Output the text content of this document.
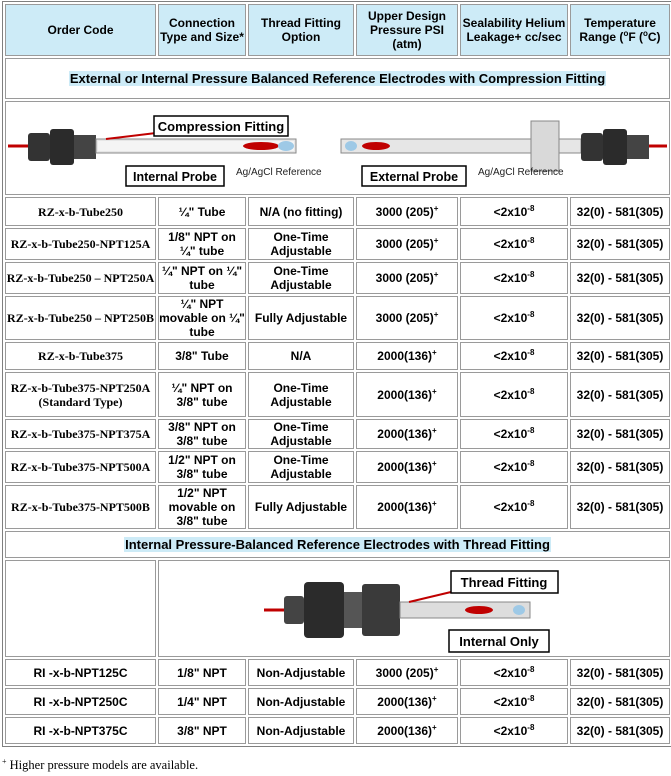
Order Code	Connection Type and Size*	Thread Fitting Option	Upper Design Pressure PSI (atm)	Sealability Helium Leakage+ cc/sec	Temperature Range ($^o$F ($^o$C)
External or Internal Pressure Balanced Reference Electrodes with Compression Fitting					

Compression Fitting
Internal Probe Ag/AgCl Reference External Probe Ag/AgCl Reference					

RZ-x-b-Tube250	¼" Tube	N/A (no fitting)	3000 (205)+	$<2x10^{-8}$	32(0) - 581(305)
RZ-x-b-Tube250-NPT125A	1/8" NPT on ¼" tube	One-Time Adjustable	3000 (205)+	$<2x10^{-8}$	32(0) - 581(305)
RZ-x-b-Tube250 – NPT250A	¼" NPT on ¼" tube	One-Time Adjustable	3000 (205)+	$<2x10^{-8}$	32(0) - 581(305)
RZ-x-b-Tube250 – NPT250B	¼" NPT movable on ¼" tube	Fully Adjustable	3000 (205)+	$<2x10^{-8}$	32(0) - 581(305)
RZ-x-b-Tube375	3/8" Tube	N/A	2000(136)+	$<2x10^{-8}$	32(0) - 581(305)
RZ-x-b-Tube375-NPT250A (Standard Type)	¼" NPT on 3/8" tube	One-Time Adjustable	2000(136)+	$<2x10^{-8}$	32(0) - 581(305)
RZ-x-b-Tube375-NPT375A	3/8" NPT on 3/8" tube	One-Time Adjustable	2000(136)+	$<2x10^{-8}$	32(0) - 581(305)
RZ-x-b-Tube375-NPT500A	1/2" NPT on 3/8" tube	One-Time Adjustable	2000(136)+	$<2x10^{-8}$	32(0) - 581(305)
RZ-x-b-Tube375-NPT500B	1/2" NPT movable on 3/8" tube	Fully Adjustable	2000(136)+	$<2x10^{-8}$	32(0) - 581(305)
Internal Pressure-Balanced Reference Electrodes with Thread Fitting					

Thread Fitting
Internal Only				

RI -x-b-NPT125C	1/8" NPT	Non-Adjustable	3000 (205)+	$<2x10^{-8}$	32(0) - 581(305)
RI -x-b-NPT250C	1/4" NPT	Non-Adjustable	2000(136)+	$<2x10^{-8}$	32(0) - 581(305)
RI -x-b-NPT375C	3/8" NPT	Non-Adjustable	2000(136)+	$<2x10^{-8}$	32(0) - 581(305)
+ Higher pressure models are available.
